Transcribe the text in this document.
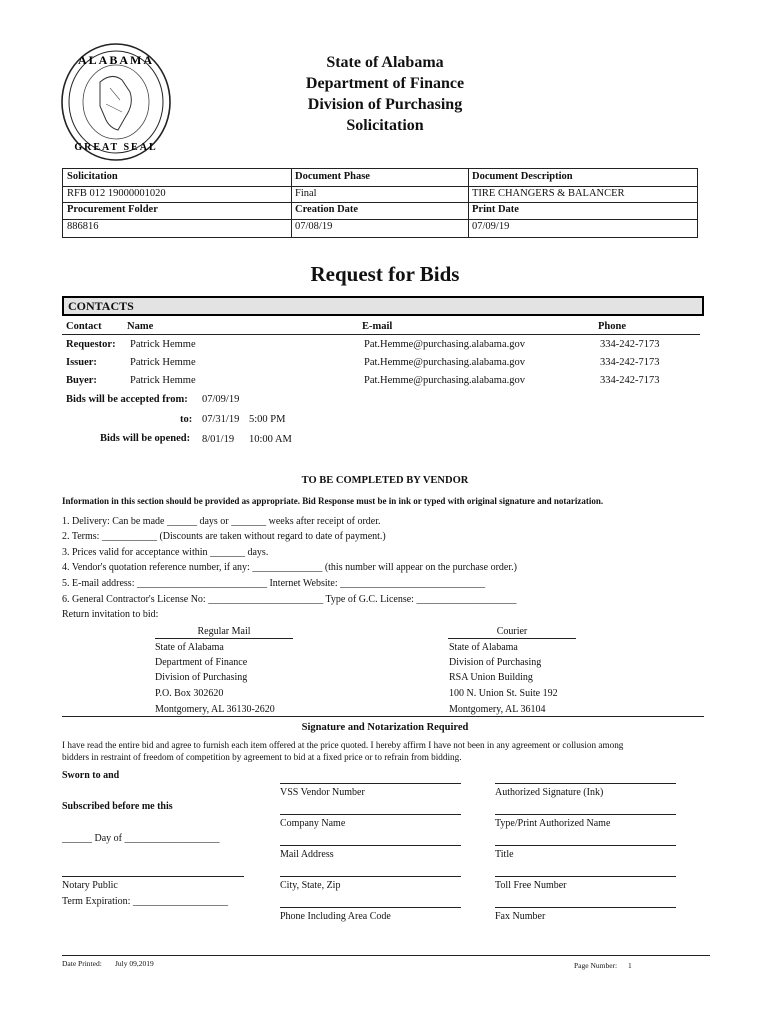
ALABAMA
GREAT SEAL
State of Alabama
Department of Finance
Division of Purchasing
Solicitation
Solicitation	Document Phase	Document Description
RFB 012 19000001020	Final	TIRE CHANGERS & BALANCER
Procurement Folder	Creation Date	Print Date
886816	07/08/19	07/09/19
Request for Bids
CONTACTS
Contact Name	E-mail	Phone
Requestor: Patrick Hemme	Pat.Hemme@purchasing.alabama.gov	334-242-7173
Issuer:	Patrick Hemme	Pat.Hemme@purchasing.alabama.gov	334-242-7173
Buyer:	Patrick Hemme	Pat.Hemme@purchasing.alabama.gov	334-242-7173
Bids will be accepted from: 07/09/19
to: 07/31/19 5:00 PM
Bids will be opened: 8/01/19 10:00 AM
TO BE COMPLETED BY VENDOR
Information in this section should be provided as appropriate. Bid Response must be in ink or typed with original signature and notarization.
1. Delivery: Can be made ______ days or _______ weeks after receipt of order.
2. Terms: ___________ (Discounts are taken without regard to date of payment.)
3. Prices valid for acceptance within _______ days.
4. Vendor's quotation reference number, if any: ______________ (this number will appear on the purchase order.)
5. E-mail address: __________________________ Internet Website: _____________________________
6. General Contractor's License No: _______________________ Type of G.C. License: ____________________
Return invitation to bid:
Regular Mail
State of Alabama
Department of Finance
Division of Purchasing
P.O. Box 302620
Montgomery, AL 36130-2620
Courier
State of Alabama
Division of Purchasing
RSA Union Building
100 N. Union St. Suite 192
Montgomery, AL 36104
Signature and Notarization Required
I have read the entire bid and agree to furnish each item offered at the price quoted. I hereby affirm I have not been in any agreement or collusion among
bidders in restraint of freedom of competition by agreement to bid at a fixed price or to refrain from bidding.
Sworn to and
Subscribed before me this
______ Day of ___________________
Notary Public
Term Expiration: ___________________
VSS Vendor Number
Company Name
Mail Address
City, State, Zip
Phone Including Area Code
Authorized Signature (Ink)
Type/Print Authorized Name
Title
Toll Free Number
Fax Number
Date Printed: July 09,2019	Page Number: 1
